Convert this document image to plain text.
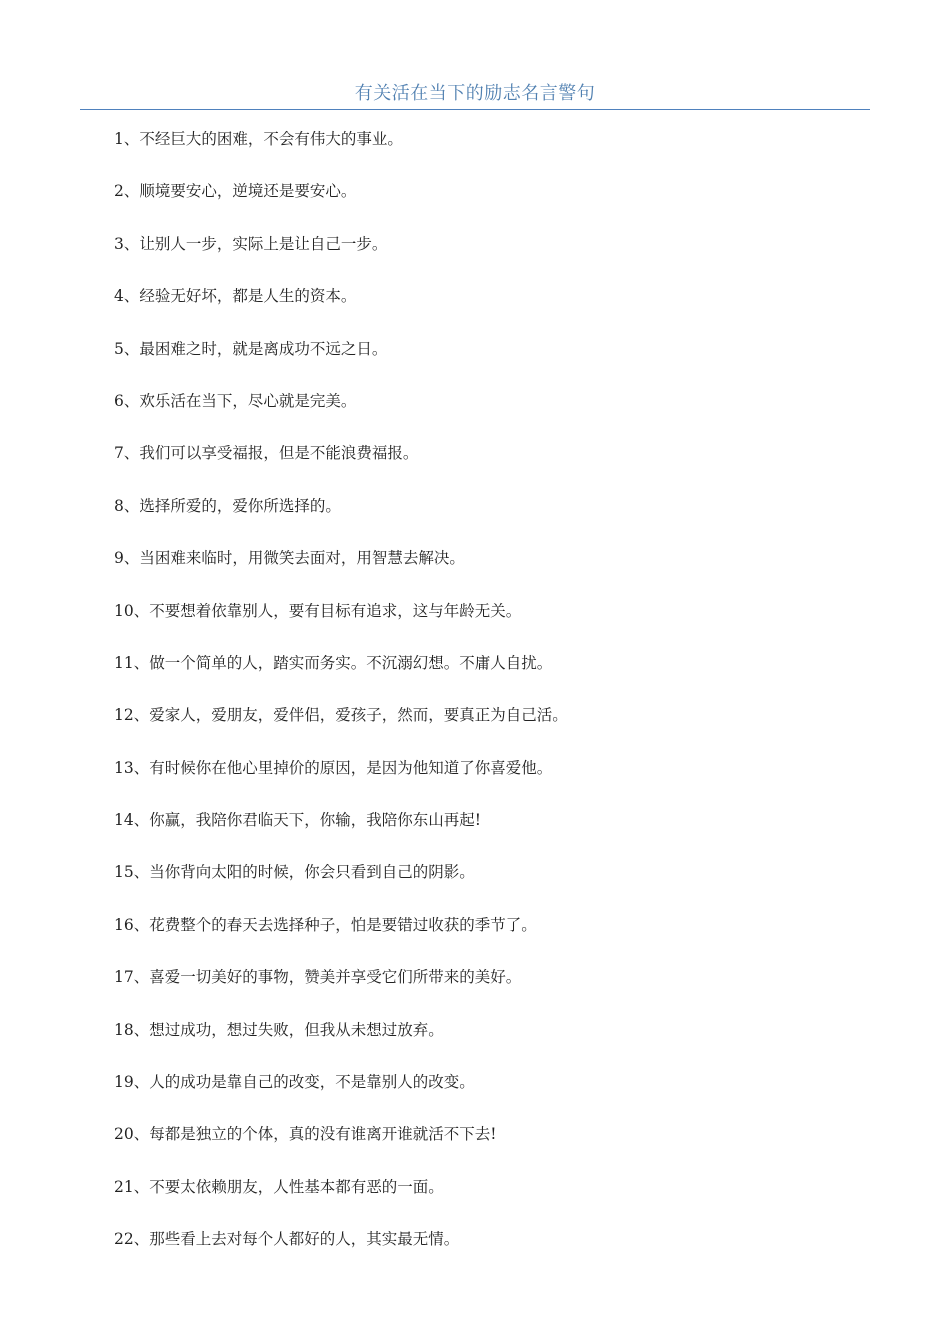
有关活在当下的励志名言警句
1、不经巨大的困难，不会有伟大的事业。
2、顺境要安心，逆境还是要安心。
3、让别人一步，实际上是让自己一步。
4、经验无好坏，都是人生的资本。
5、最困难之时，就是离成功不远之日。
6、欢乐活在当下，尽心就是完美。
7、我们可以享受福报，但是不能浪费福报。
8、选择所爱的，爱你所选择的。
9、当困难来临时，用微笑去面对，用智慧去解决。
10、不要想着依靠别人，要有目标有追求，这与年龄无关。
11、做一个简单的人，踏实而务实。不沉溺幻想。不庸人自扰。
12、爱家人，爱朋友，爱伴侣，爱孩子，然而，要真正为自己活。
13、有时候你在他心里掉价的原因，是因为他知道了你喜爱他。
14、你赢，我陪你君临天下，你输，我陪你东山再起!
15、当你背向太阳的时候，你会只看到自己的阴影。
16、花费整个的春天去选择种子，怕是要错过收获的季节了。
17、喜爱一切美好的事物，赞美并享受它们所带来的美好。
18、想过成功，想过失败，但我从未想过放弃。
19、人的成功是靠自己的改变，不是靠别人的改变。
20、每都是独立的个体，真的没有谁离开谁就活不下去!
21、不要太依赖朋友，人性基本都有恶的一面。
22、那些看上去对每个人都好的人，其实最无情。
